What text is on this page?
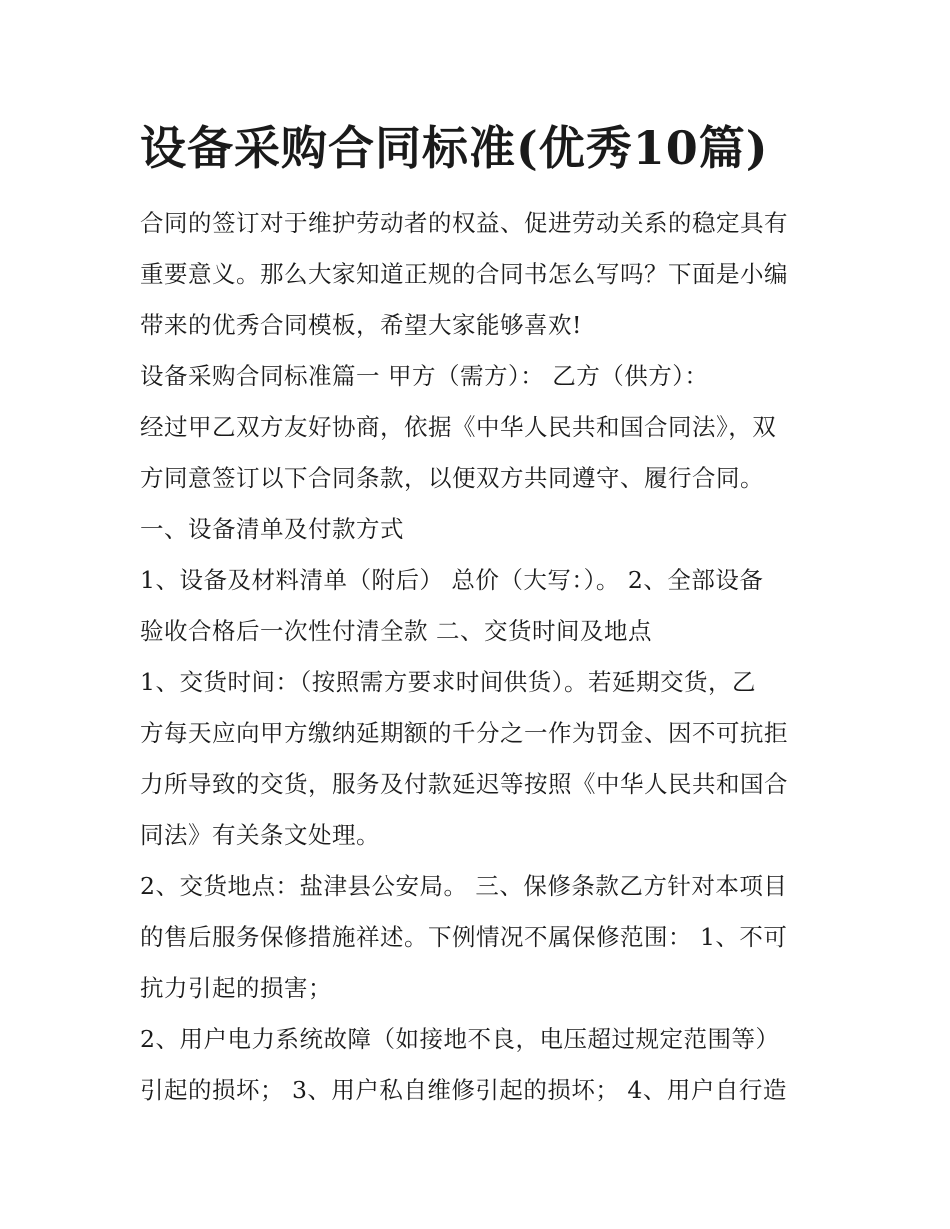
设备采购合同标准(优秀10篇)

合同的签订对于维护劳动者的权益、促进劳动关系的稳定具有

重要意义。那么大家知道正规的合同书怎么写吗？下面是小编

带来的优秀合同模板，希望大家能够喜欢!

设备采购合同标准篇一 甲方（需方）： 乙方（供方）：

经过甲乙双方友好协商，依据《中华人民共和国合同法》，双

方同意签订以下合同条款，以便双方共同遵守、履行合同。

一、设备清单及付款方式

1、设备及材料清单（附后） 总价（大写：）。 2、全部设备

验收合格后一次性付清全款 二、交货时间及地点

1、交货时间：（按照需方要求时间供货）。若延期交货，乙

方每天应向甲方缴纳延期额的千分之一作为罚金、因不可抗拒

力所导致的交货，服务及付款延迟等按照《中华人民共和国合

同法》有关条文处理。

2、交货地点：盐津县公安局。 三、保修条款乙方针对本项目

的售后服务保修措施祥述。下例情况不属保修范围： 1、不可

抗力引起的损害；

2、用户电力系统故障（如接地不良，电压超过规定范围等）

引起的损坏； 3、用户私自维修引起的损坏； 4、用户自行造
